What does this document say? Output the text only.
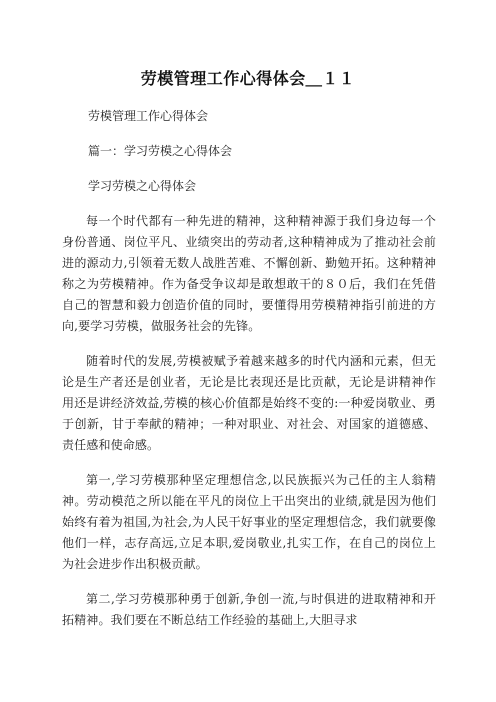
劳模管理工作心得体会＿１１
劳模管理工作心得体会
篇一：学习劳模之心得体会
学习劳模之心得体会

每一个时代都有一种先进的精神，这种精神源于我们身边每一个身份普通、岗位平凡、业绩突出的劳动者,这种精神成为了推动社会前进的源动力,引领着无数人战胜苦难、不懈创新、勤勉开拓。这种精神称之为劳模精神。作为备受争议却是敢想敢干的８０后，我们在凭借自己的智慧和毅力创造价值的同时，要懂得用劳模精神指引前进的方向,要学习劳模，做服务社会的先锋。

随着时代的发展,劳模被赋予着越来越多的时代内涵和元素，但无论是生产者还是创业者，无论是比表现还是比贡献，无论是讲精神作用还是讲经济效益,劳模的核心价值都是始终不变的:一种爱岗敬业、勇于创新，甘于奉献的精神；一种对职业、对社会、对国家的道德感、责任感和使命感。

第一,学习劳模那种坚定理想信念,以民族振兴为己任的主人翁精神。劳动模范之所以能在平凡的岗位上干出突出的业绩,就是因为他们始终有着为祖国,为社会,为人民干好事业的坚定理想信念，我们就要像他们一样，志存高远,立足本职,爱岗敬业,扎实工作，在自己的岗位上为社会进步作出积极贡献。

第二,学习劳模那种勇于创新,争创一流,与时俱进的进取精神和开拓精神。我们要在不断总结工作经验的基础上,大胆寻求
